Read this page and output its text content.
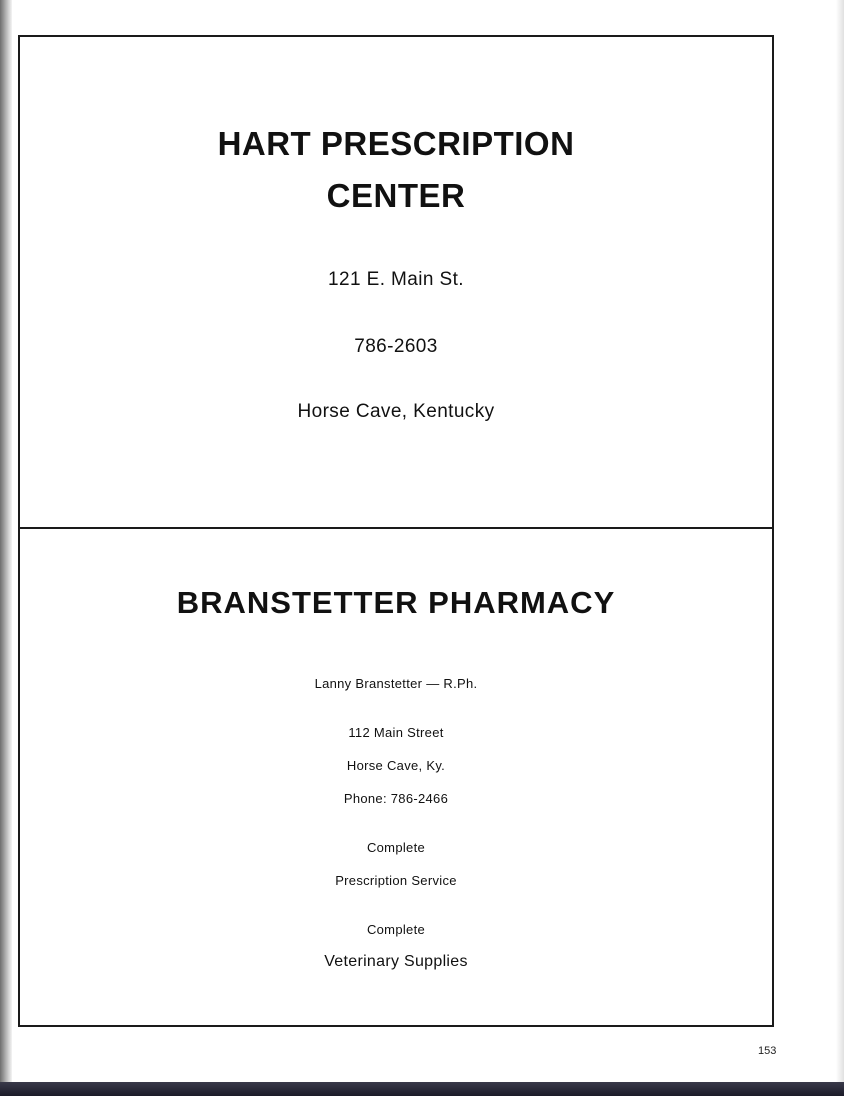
HART PRESCRIPTION
CENTER
121 E. Main St.
786-2603
Horse Cave, Kentucky
BRANSTETTER PHARMACY
Lanny Branstetter — R.Ph.
112 Main Street
Horse Cave, Ky.
Phone: 786-2466
Complete
Prescription Service
Complete
Veterinary Supplies
153
